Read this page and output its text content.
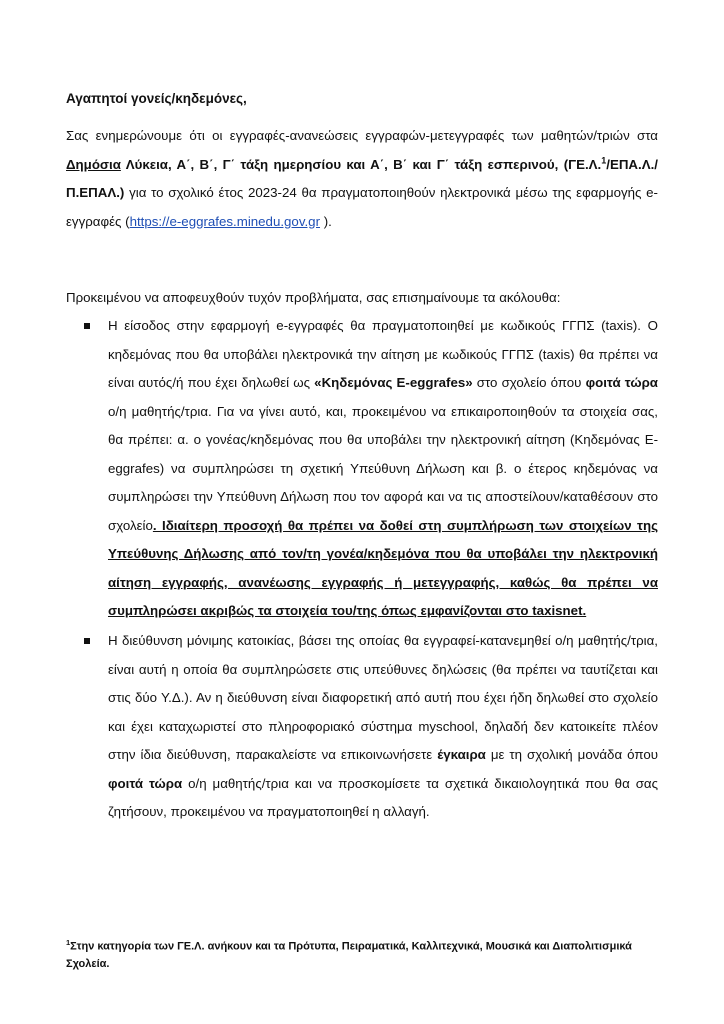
Αγαπητοί γονείς/κηδεμόνες,

Σας ενημερώνουμε ότι οι εγγραφές-ανανεώσεις εγγραφών-μετεγγραφές των μαθητών/τριών στα Δημόσια Λύκεια, Α΄, Β΄, Γ΄ τάξη ημερησίου και Α΄, Β΄ και Γ΄ τάξη εσπερινού, (ΓΕ.Λ.$^1$/ΕΠΑ.Λ./Π.ΕΠΑΛ.) για το σχολικό έτος 2023-24 θα πραγματοποιηθούν ηλεκτρονικά μέσω της εφαρμογής e-εγγραφές (https://e-eggrafes.minedu.gov.gr ).

Προκειμένου να αποφευχθούν τυχόν προβλήματα, σας επισημαίνουμε τα ακόλουθα:

Η είσοδος στην εφαρμογή e-εγγραφές θα πραγματοποιηθεί με κωδικούς ΓΓΠΣ (taxis). Ο κηδεμόνας που θα υποβάλει ηλεκτρονικά την αίτηση με κωδικούς ΓΓΠΣ (taxis) θα πρέπει να είναι αυτός/ή που έχει δηλωθεί ως «Κηδεμόνας E-eggrafes» στο σχολείο όπου φοιτά τώρα ο/η μαθητής/τρια. Για να γίνει αυτό, και, προκειμένου να επικαιροποιηθούν τα στοιχεία σας, θα πρέπει: α. ο γονέας/κηδεμόνας που θα υποβάλει την ηλεκτρονική αίτηση (Κηδεμόνας E-eggrafes) να συμπληρώσει τη σχετική Υπεύθυνη Δήλωση και β. ο έτερος κηδεμόνας να συμπληρώσει την Υπεύθυνη Δήλωση που τον αφορά και να τις αποστείλουν/καταθέσουν στο σχολείο. Ιδιαίτερη προσοχή θα πρέπει να δοθεί στη συμπλήρωση των στοιχείων της Υπεύθυνης Δήλωσης από τον/τη γονέα/κηδεμόνα που θα υποβάλει την ηλεκτρονική αίτηση εγγραφής, ανανέωσης εγγραφής ή μετεγγραφής, καθώς θα πρέπει να συμπληρώσει ακριβώς τα στοιχεία του/της όπως εμφανίζονται στο taxisnet.
Η διεύθυνση μόνιμης κατοικίας, βάσει της οποίας θα εγγραφεί-κατανεμηθεί ο/η μαθητής/τρια, είναι αυτή η οποία θα συμπληρώσετε στις υπεύθυνες δηλώσεις (θα πρέπει να ταυτίζεται και στις δύο Υ.Δ.). Αν η διεύθυνση είναι διαφορετική από αυτή που έχει ήδη δηλωθεί στο σχολείο και έχει καταχωριστεί στο πληροφοριακό σύστημα myschool, δηλαδή δεν κατοικείτε πλέον στην ίδια διεύθυνση, παρακαλείστε να επικοινωνήσετε έγκαιρα με τη σχολική μονάδα όπου φοιτά τώρα ο/η μαθητής/τρια και να προσκομίσετε τα σχετικά δικαιολογητικά που θα σας ζητήσουν, προκειμένου να πραγματοποιηθεί η αλλαγή.

$^1$Στην κατηγορία των ΓΕ.Λ. ανήκουν και τα Πρότυπα, Πειραματικά, Καλλιτεχνικά, Μουσικά και Διαπολιτισμικά Σχολεία.
